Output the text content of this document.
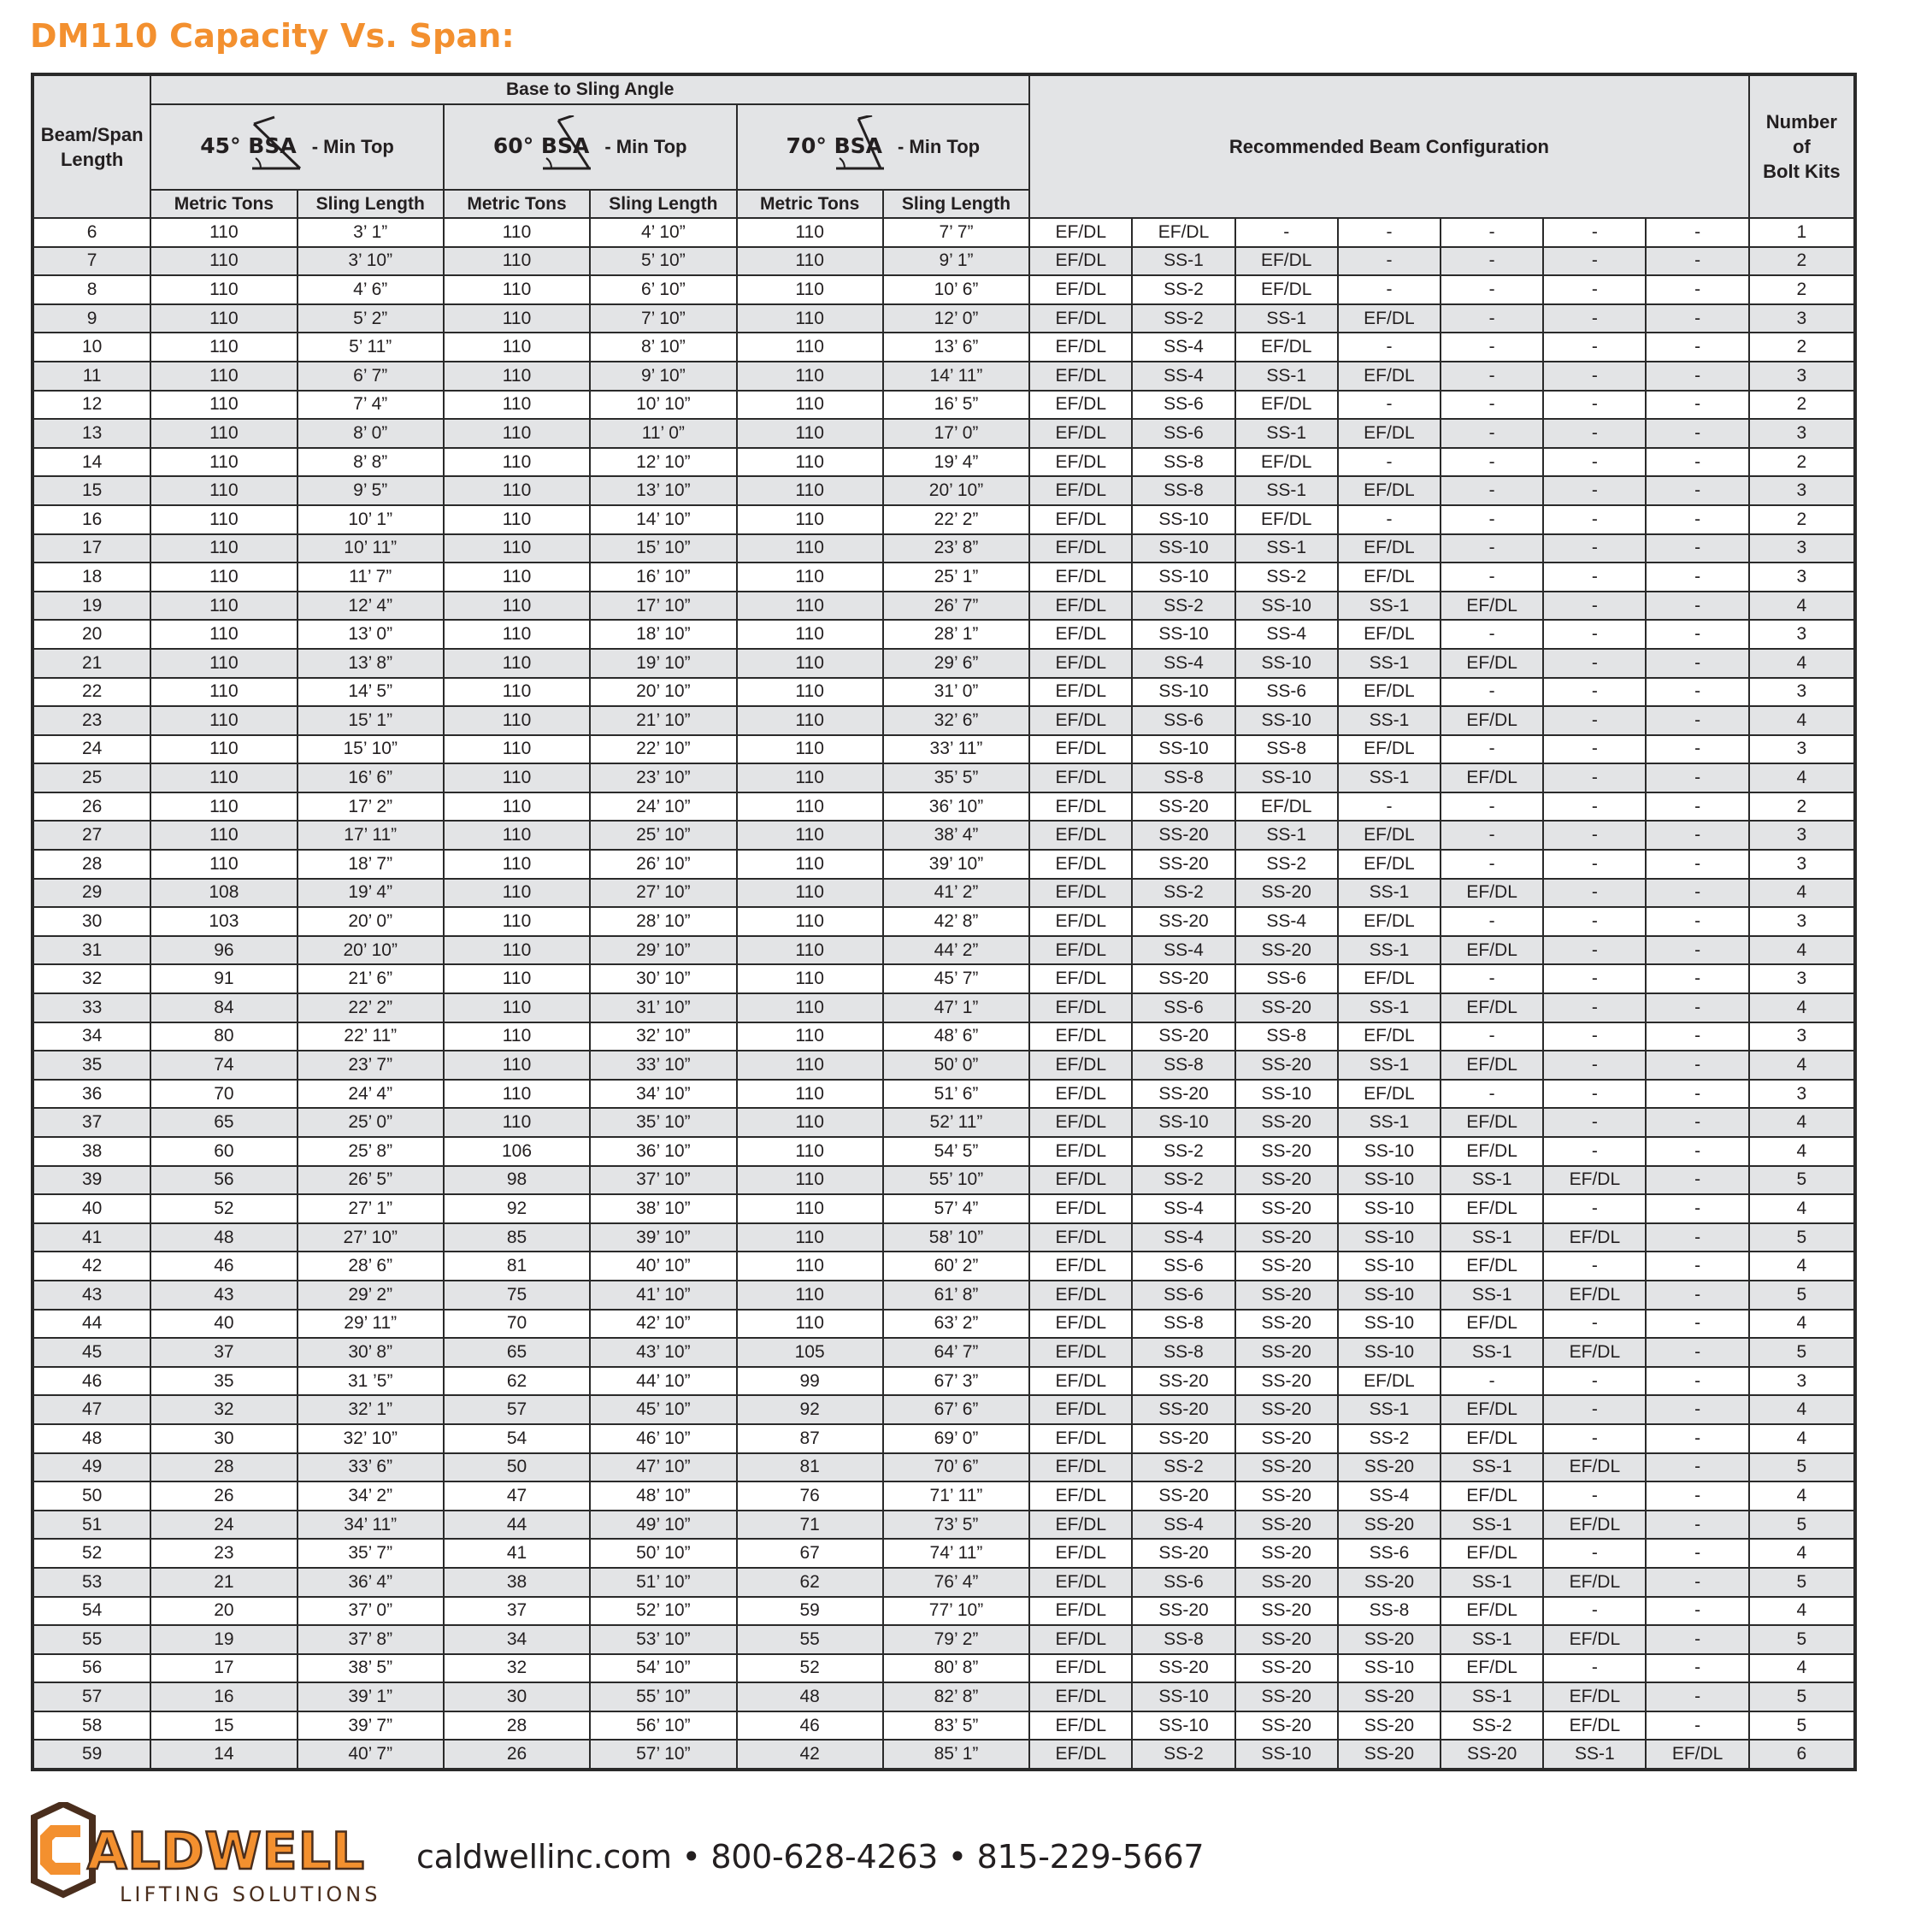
DM110 Capacity Vs. Span:
Beam/Span
Length	Base to Sling Angle						Recommended Beam Configuration							Number
of
Bolt Kits

	45° BSA - Min Top		60° BSA - Min Top		70° BSA - Min Top									

	Metric Tons	Sling Length	Metric Tons	Sling Length	Metric Tons	Sling Length								
6	110	3’ 1”	110	4’ 10”	110	7’ 7”	EF/DL	EF/DL	-	-	-	-	-	1
7	110	3’ 10”	110	5’ 10”	110	9’ 1”	EF/DL	SS-1	EF/DL	-	-	-	-	2
8	110	4’ 6”	110	6’ 10”	110	10’ 6”	EF/DL	SS-2	EF/DL	-	-	-	-	2
9	110	5’ 2”	110	7’ 10”	110	12’ 0”	EF/DL	SS-2	SS-1	EF/DL	-	-	-	3
10	110	5’ 11”	110	8’ 10”	110	13’ 6”	EF/DL	SS-4	EF/DL	-	-	-	-	2
11	110	6’ 7”	110	9’ 10”	110	14’ 11”	EF/DL	SS-4	SS-1	EF/DL	-	-	-	3
12	110	7’ 4”	110	10’ 10”	110	16’ 5”	EF/DL	SS-6	EF/DL	-	-	-	-	2
13	110	8’ 0”	110	11’ 0”	110	17’ 0”	EF/DL	SS-6	SS-1	EF/DL	-	-	-	3
14	110	8’ 8”	110	12’ 10”	110	19’ 4”	EF/DL	SS-8	EF/DL	-	-	-	-	2
15	110	9’ 5”	110	13’ 10”	110	20’ 10”	EF/DL	SS-8	SS-1	EF/DL	-	-	-	3
16	110	10’ 1”	110	14’ 10”	110	22’ 2”	EF/DL	SS-10	EF/DL	-	-	-	-	2
17	110	10’ 11”	110	15’ 10”	110	23’ 8”	EF/DL	SS-10	SS-1	EF/DL	-	-	-	3
18	110	11’ 7”	110	16’ 10”	110	25’ 1”	EF/DL	SS-10	SS-2	EF/DL	-	-	-	3
19	110	12’ 4”	110	17’ 10”	110	26’ 7”	EF/DL	SS-2	SS-10	SS-1	EF/DL	-	-	4
20	110	13’ 0”	110	18’ 10”	110	28’ 1”	EF/DL	SS-10	SS-4	EF/DL	-	-	-	3
21	110	13’ 8”	110	19’ 10”	110	29’ 6”	EF/DL	SS-4	SS-10	SS-1	EF/DL	-	-	4
22	110	14’ 5”	110	20’ 10”	110	31’ 0”	EF/DL	SS-10	SS-6	EF/DL	-	-	-	3
23	110	15’ 1”	110	21’ 10”	110	32’ 6”	EF/DL	SS-6	SS-10	SS-1	EF/DL	-	-	4
24	110	15’ 10”	110	22’ 10”	110	33’ 11”	EF/DL	SS-10	SS-8	EF/DL	-	-	-	3
25	110	16’ 6”	110	23’ 10”	110	35’ 5”	EF/DL	SS-8	SS-10	SS-1	EF/DL	-	-	4
26	110	17’ 2”	110	24’ 10”	110	36’ 10”	EF/DL	SS-20	EF/DL	-	-	-	-	2
27	110	17’ 11”	110	25’ 10”	110	38’ 4”	EF/DL	SS-20	SS-1	EF/DL	-	-	-	3
28	110	18’ 7”	110	26’ 10”	110	39’ 10”	EF/DL	SS-20	SS-2	EF/DL	-	-	-	3
29	108	19’ 4”	110	27’ 10”	110	41’ 2”	EF/DL	SS-2	SS-20	SS-1	EF/DL	-	-	4
30	103	20’ 0”	110	28’ 10”	110	42’ 8”	EF/DL	SS-20	SS-4	EF/DL	-	-	-	3
31	96	20’ 10”	110	29’ 10”	110	44’ 2”	EF/DL	SS-4	SS-20	SS-1	EF/DL	-	-	4
32	91	21’ 6”	110	30’ 10”	110	45’ 7”	EF/DL	SS-20	SS-6	EF/DL	-	-	-	3
33	84	22’ 2”	110	31’ 10”	110	47’ 1”	EF/DL	SS-6	SS-20	SS-1	EF/DL	-	-	4
34	80	22’ 11”	110	32’ 10”	110	48’ 6”	EF/DL	SS-20	SS-8	EF/DL	-	-	-	3
35	74	23’ 7”	110	33’ 10”	110	50’ 0”	EF/DL	SS-8	SS-20	SS-1	EF/DL	-	-	4
36	70	24’ 4”	110	34’ 10”	110	51’ 6”	EF/DL	SS-20	SS-10	EF/DL	-	-	-	3
37	65	25’ 0”	110	35’ 10”	110	52’ 11”	EF/DL	SS-10	SS-20	SS-1	EF/DL	-	-	4
38	60	25’ 8”	106	36’ 10”	110	54’ 5”	EF/DL	SS-2	SS-20	SS-10	EF/DL	-	-	4
39	56	26’ 5”	98	37’ 10”	110	55’ 10”	EF/DL	SS-2	SS-20	SS-10	SS-1	EF/DL	-	5
40	52	27’ 1”	92	38’ 10”	110	57’ 4”	EF/DL	SS-4	SS-20	SS-10	EF/DL	-	-	4
41	48	27’ 10”	85	39’ 10”	110	58’ 10”	EF/DL	SS-4	SS-20	SS-10	SS-1	EF/DL	-	5
42	46	28’ 6”	81	40’ 10”	110	60’ 2”	EF/DL	SS-6	SS-20	SS-10	EF/DL	-	-	4
43	43	29’ 2”	75	41’ 10”	110	61’ 8”	EF/DL	SS-6	SS-20	SS-10	SS-1	EF/DL	-	5
44	40	29’ 11”	70	42’ 10”	110	63’ 2”	EF/DL	SS-8	SS-20	SS-10	EF/DL	-	-	4
45	37	30’ 8”	65	43’ 10”	105	64’ 7”	EF/DL	SS-8	SS-20	SS-10	SS-1	EF/DL	-	5
46	35	31 ’5”	62	44’ 10”	99	67’ 3”	EF/DL	SS-20	SS-20	EF/DL	-	-	-	3
47	32	32’ 1”	57	45’ 10”	92	67’ 6”	EF/DL	SS-20	SS-20	SS-1	EF/DL	-	-	4
48	30	32’ 10”	54	46’ 10”	87	69’ 0”	EF/DL	SS-20	SS-20	SS-2	EF/DL	-	-	4
49	28	33’ 6”	50	47’ 10”	81	70’ 6”	EF/DL	SS-2	SS-20	SS-20	SS-1	EF/DL	-	5
50	26	34’ 2”	47	48’ 10”	76	71’ 11”	EF/DL	SS-20	SS-20	SS-4	EF/DL	-	-	4
51	24	34’ 11”	44	49’ 10”	71	73’ 5”	EF/DL	SS-4	SS-20	SS-20	SS-1	EF/DL	-	5
52	23	35’ 7”	41	50’ 10”	67	74’ 11”	EF/DL	SS-20	SS-20	SS-6	EF/DL	-	-	4
53	21	36’ 4”	38	51’ 10”	62	76’ 4”	EF/DL	SS-6	SS-20	SS-20	SS-1	EF/DL	-	5
54	20	37’ 0”	37	52’ 10”	59	77’ 10”	EF/DL	SS-20	SS-20	SS-8	EF/DL	-	-	4
55	19	37’ 8”	34	53’ 10”	55	79’ 2”	EF/DL	SS-8	SS-20	SS-20	SS-1	EF/DL	-	5
56	17	38’ 5”	32	54’ 10”	52	80’ 8”	EF/DL	SS-20	SS-20	SS-10	EF/DL	-	-	4
57	16	39’ 1”	30	55’ 10”	48	82’ 8”	EF/DL	SS-10	SS-20	SS-20	SS-1	EF/DL	-	5
58	15	39’ 7”	28	56’ 10”	46	83’ 5”	EF/DL	SS-10	SS-20	SS-20	SS-2	EF/DL	-	5
59	14	40’ 7”	26	57’ 10”	42	85’ 1”	EF/DL	SS-2	SS-10	SS-20	SS-20	SS-1	EF/DL	6
ALDWELL
LIFTING SOLUTIONS
caldwellinc.com • 800-628-4263 • 815-229-5667
